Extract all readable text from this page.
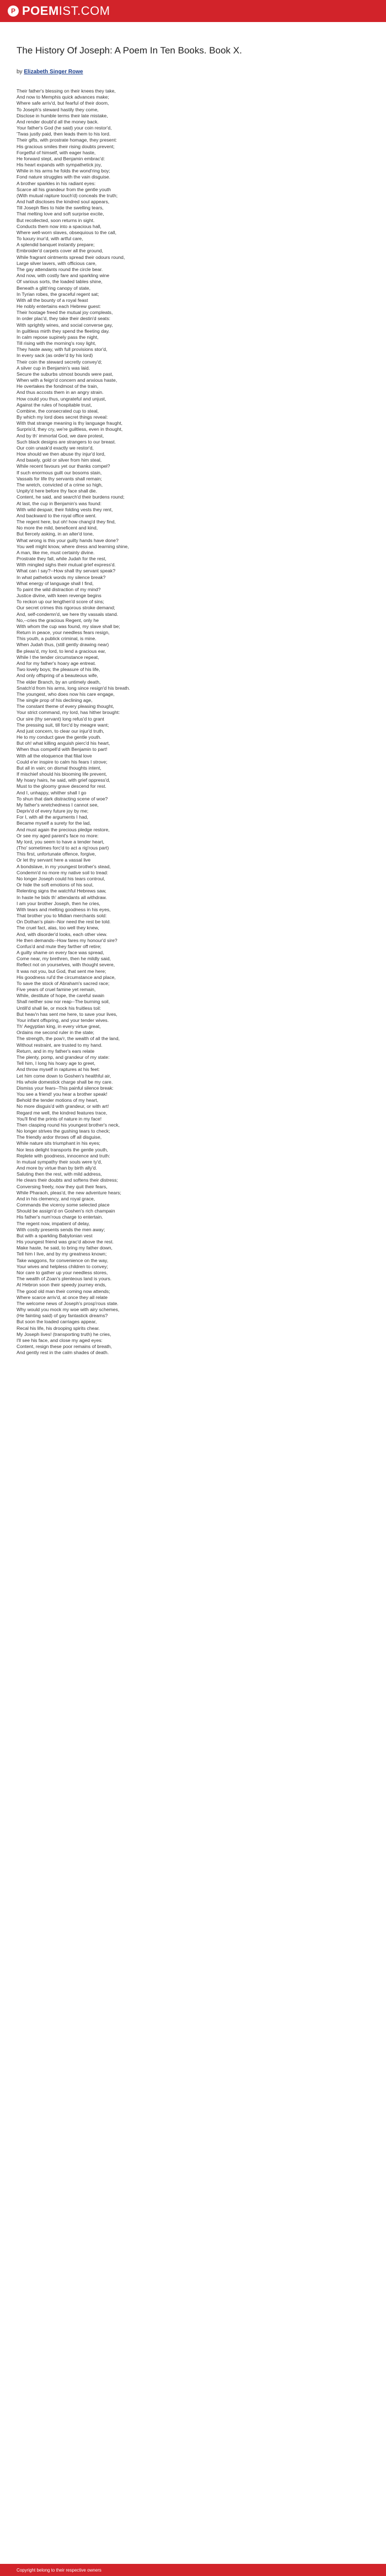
P POEMIST.COM
The History Of Joseph: A Poem In Ten Books. Book X.
by Elizabeth Singer Rowe
Their father's blessing on their knees they take,
And now to Memphis quick advances make;
Where safe arriv'd, but fearful of their doom,
To Joseph's steward hastily they come,
Disclose in humble terms their late mistake,
And render doubl'd all the money back.
Your father's God (he said) your coin restor'd,
'Twas justly paid, then leads them to his lord.
Their gifts, with prostrate homage, they present:
His gracious smiles their rising doubts prevent;
Forgetful of himself, with eager haste,
He forward stept, and Benjamin embrac'd:
His heart expands with sympathetick joy,
While in his arms he folds the wond'ring boy;
Fond nature struggles with the vain disguise.
A brother sparkles in his radiant eyes:
Scarce all his grandeur from the gentle youth
(With mutual rapture touch'd) conceals the truth;
And half discloses the kindred soul appears,
Till Joseph flies to hide the swelling tears,
That melting love and soft surprise excite,
But recollected, soon returns in sight.
Conducts them now into a spacious hall,
Where well-worn slaves, obsequious to the call,
To luxury inur'd, with artful care,
A splendid banquet instantly prepare;
Embroider'd carpets cover all the ground,
While fragrant ointments spread their odours round,
Large silver lavers, with officious care,
The gay attendants round the circle bear.
And now, with costly fare and sparkling wine
Of various sorts, the loaded tables shine,
Beneath a glitt'ring canopy of state,
In Tyrian robes, the graceful regent sat;
With all the bounty of a royal feast
He nobly entertains each Hebrew guest:
Their hostage freed the mutual joy compleats,
In order plac'd, they take their destin'd seats:
With sprightly wines, and social converse gay,
In guiltless mirth they spend the fleeting day.
In calm repose supinely pass the night,
Till rising with the morning's rosy light,
They haste away, with full provisions stor'd,
In every sack (as order'd by his lord)
Their coin the steward secretly convey'd;
A silver cup in Benjamin's was laid.
Secure the suburbs utmost bounds were past,
When with a feign'd concern and anxious haste,
He overtakes the fondmost of the train,
And thus accosts them in an angry strain.
How could you thus, ungrateful and unjust,
Against the rules of hospitable trust,
Combine, the consecrated cup to steal,
By which my lord does secret things reveal:
With that strange meaning is thy language fraught,
Surpris'd, they cry, we're guiltless, even in thought,
And by th' immortal God, we dare protest,
Such black designs are strangers to our breast.
Our coin unask'd exactly we restor'd,
How should we then abuse thy injur'd lord,
And basely, gold or silver from him steal,
While recent favours yet our thanks compel?
If such enormous guilt our bosoms stain,
Vassals for life thy servants shall remain;
The wretch, convicted of a crime so high,
Unpity'd here before thy face shall die.
Content, he said, and search'd their burdens round;
At last, the cup in Benjamin's was found:
With wild despair, their folding vests they rent,
And backward to the royal office went.
The regent here, but oh! how chang'd they find,
No more the mild, beneficent and kind,
But fiercely asking, in an alter'd tone,
What wrong is this your guilty hands have done?
You well might know, where dress and learning shine,
A man, like me, must certainly divine.
Prostrate they fall, while Judah for the rest,
With mingled sighs their mutual grief express'd.
What can I say?--How shall thy servant speak?
In what pathetick words my silence break?
What energy of language shall I find,
To paint the wild distraction of my mind?
Justice divine, with keen revenge begins
To reckon up our lengthen'd score of sins;
Our secret crimes this rigorous stroke demand;
And, self-condemn'd, we here thy vassals stand.
No,--cries the gracious Regent, only he
With whom the cup was found, my slave shall be;
Return in peace, your needless fears resign,
This youth, a publick criminal, is mine.
When Judah thus, (still gently drawing near)
Be pleas'd, my lord, to lend a gracious ear,
While I the tender circumstance repeat,
And for my father's hoary age entreat.
Two lovely boys; the pleasure of his life,
And only offspring of a beauteous wife,
The elder Branch, by an untimely death,
Snatch'd from his arms, long since resign'd his breath.
The youngest, who does now his care engage,
The single prop of his declining age,
The constant theme of every pleasing thought,
Your strict command, my lord, has hither brought:
Our sire (thy servant) long refus'd to grant
The pressing suit, till forc'd by meagre want;
And just concern, to clear our injur'd truth,
He to my conduct gave the gentle youth.
But oh! what killing anguish pierc'd his heart,
When thus compell'd with Benjamin to part!
With all the eloquence that filial love
Could e'er inspire to calm his fears I strove;
But all in vain; on dismal thoughts intent,
If mischief should his blooming life prevent,
My hoary hairs, he said, with grief oppress'd,
Must to the gloomy grave descend for rest.
And I, unhappy, whither shall I go
To shun that dark distracting scene of woe?
My father's wretchedness I cannot see,
Depriv'd of every future joy by me;
For I, with all the arguments I had,
Became myself a surety for the lad,
And must again the precious pledge restore,
Or see my aged parent's face no more:
My lord, you seem to have a tender heart,
(Tho' sometimes forc'd to act a rig'rous part)
This first, unfortunate offence, forgive,
Or let thy servant here a vassal live
A bondslave, in my youngest brother's stead,
Condemn'd no more my native soil to tread:
No longer Joseph could his tears controul,
Or hide the soft emotions of his soul,
Relenting signs the watchful Hebrews saw,
In haste he bids th' attendants all withdraw.
I am your brother Joseph, then he cries,
With tears and melting goodness in his eyes,
That brother you to Midian merchants sold:
On Dothan's plain--Nor need the rest be told.
The cruel fact, alas, too well they knew,
And, with disorder'd looks, each other view.
He then demands--How fares my honour'd sire?
Confus'd and mute they farther off retire;
A guilty shame on every face was spread,
Come near, my brethren, then he mildly said,
Reflect not on yourselves, with thought severe,
It was not you, but God, that sent me here;
His goodness rul'd the circumstance and place,
To save the stock of Abraham's sacred race;
Five years of cruel famine yet remain,
While, destitute of hope, the careful swain
Shall neither sow nor reap--The burning soil,
Untill'd shall lie, or mock his fruitless toil:
But heav'n has sent me here, to save your lives,
Your infant offspring, and your tender wives.
Th' Aegyptian king, in every virtue great,
Ordains me second ruler in the state;
The strength, the pow'r, the wealth of all the land,
Without restraint, are trusted to my hand.
Return, and in my father's ears relate
The plenty, pomp, and grandeur of my state:
Tell him, I long his hoary age to greet,
And throw myself in raptures at his feet:
Let him come down to Goshen's healthful air,
His whole domestick charge shall be my care.
Dismiss your fears--This painful silence break:
You see a friend! you hear a brother speak!
Behold the tender motions of my heart,
No more disguis'd with grandeur, or with art!
Regard me well, the kindred features trace,
You'll find the prints of nature in my face!
Then clasping round his youngest brother's neck,
No longer strives the gushing tears to check;
The friendly ardor throws off all disguise,
While nature sits triumphant in his eyes;
Nor less delight transports the gentle youth,
Replete with goodness, innocence and truth:
In mutual sympathy their souls were ty'd,
And more by virtue than by birth ally'd.
Saluting then the rest, with mild address,
He clears their doubts and softens their distress;
Conversing freely, now they quit their fears,
While Pharaoh, pleas'd, the new adventure hears;
And in his clemency, and royal grace,
Commands the viceroy some selected place
Should be assign'd on Goshen's rich champain
His father's num'rous charge to entertain.
The regent now, impatient of delay,
With costly presents sends the men away;
But with a sparkling Babylonian vest
His youngest friend was grac'd above the rest.
Make haste, he said, to bring my father down,
Tell him I live, and by my greatness known;
Take waggons, for convenience on the way,
Your wives and helpless children to convey;
Nor care to gather up your needless stores,
The wealth of Zoan's plenteous land is yours.
At Hebron soon their speedy journey ends,
The good old man their coming now attends;
Where scarce arriv'd, at once they all relate
The welcome news of Joseph's prosp'rous state.
Why would you mock my woe with airy schemes,
(He fainting said) of gay fantastick dreams?
But soon the loaded carriages appear,
Recal his life, his drooping spirits chear.
My Joseph lives! (transporting truth) he cries,
I'll see his face, and close my aged eyes:
Content, resign these poor remains of breath,
And gently rest in the calm shades of death.
Copyright belong to their respective owners
